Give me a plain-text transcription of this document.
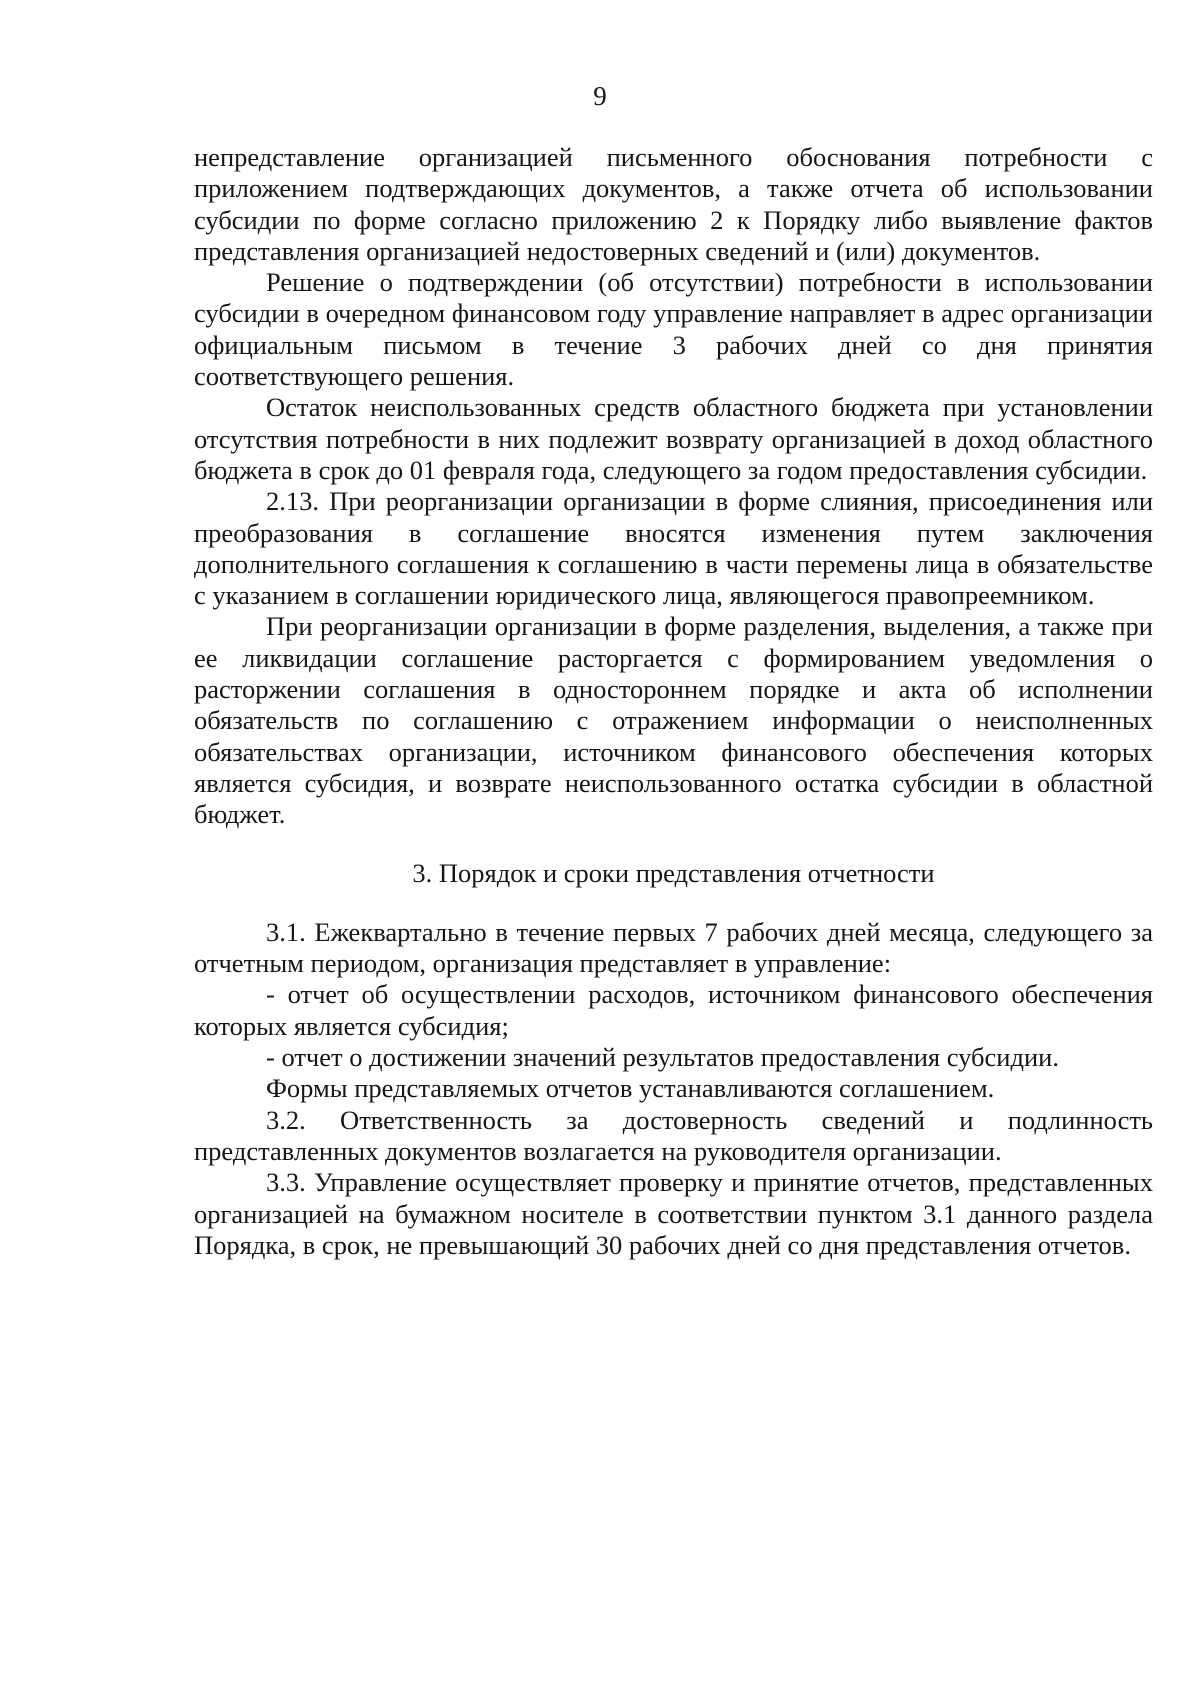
9

непредставление организацией письменного обоснования потребности с приложением подтверждающих документов, а также отчета об использовании субсидии по форме согласно приложению 2 к Порядку либо выявление фактов представления организацией недостоверных сведений и (или) документов.

Решение о подтверждении (об отсутствии) потребности в использовании субсидии в очередном финансовом году управление направляет в адрес организации официальным письмом в течение 3 рабочих дней со дня принятия соответствующего решения.

Остаток неиспользованных средств областного бюджета при установлении отсутствия потребности в них подлежит возврату организацией в доход областного бюджета в срок до 01 февраля года, следующего за годом предоставления субсидии.

2.13. При реорганизации организации в форме слияния, присоединения или преобразования в соглашение вносятся изменения путем заключения дополнительного соглашения к соглашению в части перемены лица в обязательстве с указанием в соглашении юридического лица, являющегося правопреемником.

При реорганизации организации в форме разделения, выделения, а также при ее ликвидации соглашение расторгается с формированием уведомления о расторжении соглашения в одностороннем порядке и акта об исполнении обязательств по соглашению с отражением информации о неисполненных обязательствах организации, источником финансового обеспечения которых является субсидия, и возврате неиспользованного остатка субсидии в областной бюджет.

3. Порядок и сроки представления отчетности

3.1. Ежеквартально в течение первых 7 рабочих дней месяца, следующего за отчетным периодом, организация представляет в управление:

- отчет об осуществлении расходов, источником финансового обеспечения которых является субсидия;

- отчет о достижении значений результатов предоставления субсидии.

Формы представляемых отчетов устанавливаются соглашением.

3.2. Ответственность за достоверность сведений и подлинность представленных документов возлагается на руководителя организации.

3.3. Управление осуществляет проверку и принятие отчетов, представленных организацией на бумажном носителе в соответствии пунктом 3.1 данного раздела Порядка, в срок, не превышающий 30 рабочих дней со дня представления отчетов.
